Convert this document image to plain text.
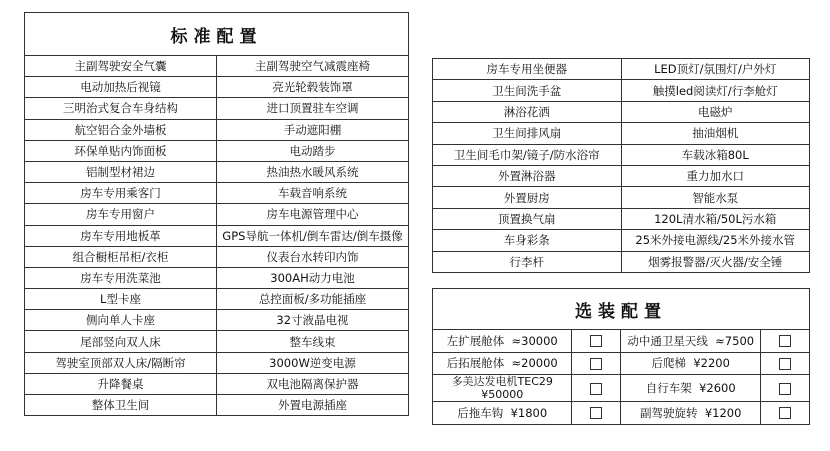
标准配置	
主副驾驶安全气囊	主副驾驶空气减震座椅
电动加热后视镜	亮光轮毂装饰罩
三明治式复合车身结构	进口顶置驻车空调
航空铝合金外墙板	手动遮阳棚
环保单贴内饰面板	电动踏步
铝制型材裙边	热油热水暖风系统
房车专用乘客门	车载音响系统
房车专用窗户	房车电源管理中心
房车专用地板革	GPS导航一体机/倒车雷达/倒车摄像
组合橱柜吊柜/衣柜	仪表台水转印内饰
房车专用洗菜池	300AH动力电池
L型卡座	总控面板/多功能插座
侧向单人卡座	32寸液晶电视
尾部竖向双人床	整车线束
驾驶室顶部双人床/隔断帘	3000W逆变电源
升降餐桌	双电池隔离保护器
整体卫生间	外置电源插座
房车专用坐便器	LED顶灯/氛围灯/户外灯
卫生间洗手盆	触摸led阅读灯/行李舱灯
淋浴花洒	电磁炉
卫生间排风扇	抽油烟机
卫生间毛巾架/镜子/防水浴帘	车载冰箱80L
外置淋浴器	重力加水口
外置厨房	智能水泵
顶置换气扇	120L清水箱/50L污水箱
车身彩条	25米外接电源线/25米外接水管
行李杆	烟雾报警器/灭火器/安全锤
选装配置			
左扩展舱体 ≈30000		动中通卫星天线 ≈7500	
后拓展舱体 ≈20000		后爬梯 ¥2200	
多美达发电机TEC29
¥50000		自行车架 ¥2600	
后拖车钩 ¥1800		副驾驶旋转 ¥1200	
